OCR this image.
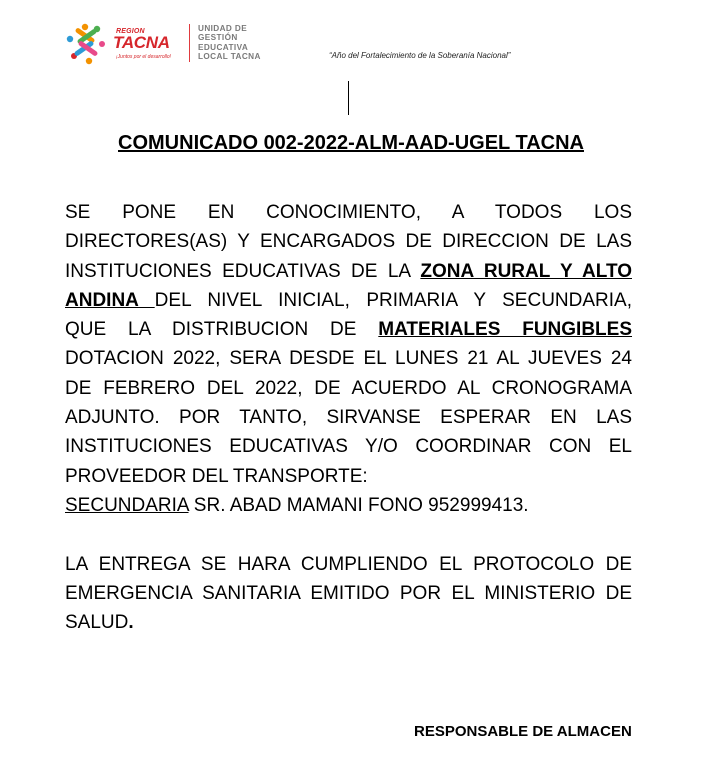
REGION
TACNA
¡Juntos por el desarrollo!
UNIDAD DE
GESTIÓN
EDUCATIVA
LOCAL TACNA	“Año del Fortalecimiento de la Soberanía Nacional”
COMUNICADO 002-2022-ALM-AAD-UGEL TACNA

SE PONE EN CONOCIMIENTO, A TODOS LOS
DIRECTORES(AS) Y ENCARGADOS DE DIRECCION DE LAS
INSTITUCIONES EDUCATIVAS DE LA ZONA RURAL Y ALTO
ANDINA DEL NIVEL INICIAL, PRIMARIA Y SECUNDARIA,
QUE LA DISTRIBUCION DE MATERIALES FUNGIBLES
DOTACION 2022, SERA DESDE EL LUNES 21 AL JUEVES 24
DE FEBRERO DEL 2022, DE ACUERDO AL CRONOGRAMA
ADJUNTO. POR TANTO, SIRVANSE ESPERAR EN LAS
INSTITUCIONES EDUCATIVAS Y/O COORDINAR CON EL
PROVEEDOR DEL TRANSPORTE:
SECUNDARIA SR. ABAD MAMANI FONO 952999413.

LA ENTREGA SE HARA CUMPLIENDO EL PROTOCOLO DE
EMERGENCIA SANITARIA EMITIDO POR EL MINISTERIO DE
SALUD.

RESPONSABLE DE ALMACEN
